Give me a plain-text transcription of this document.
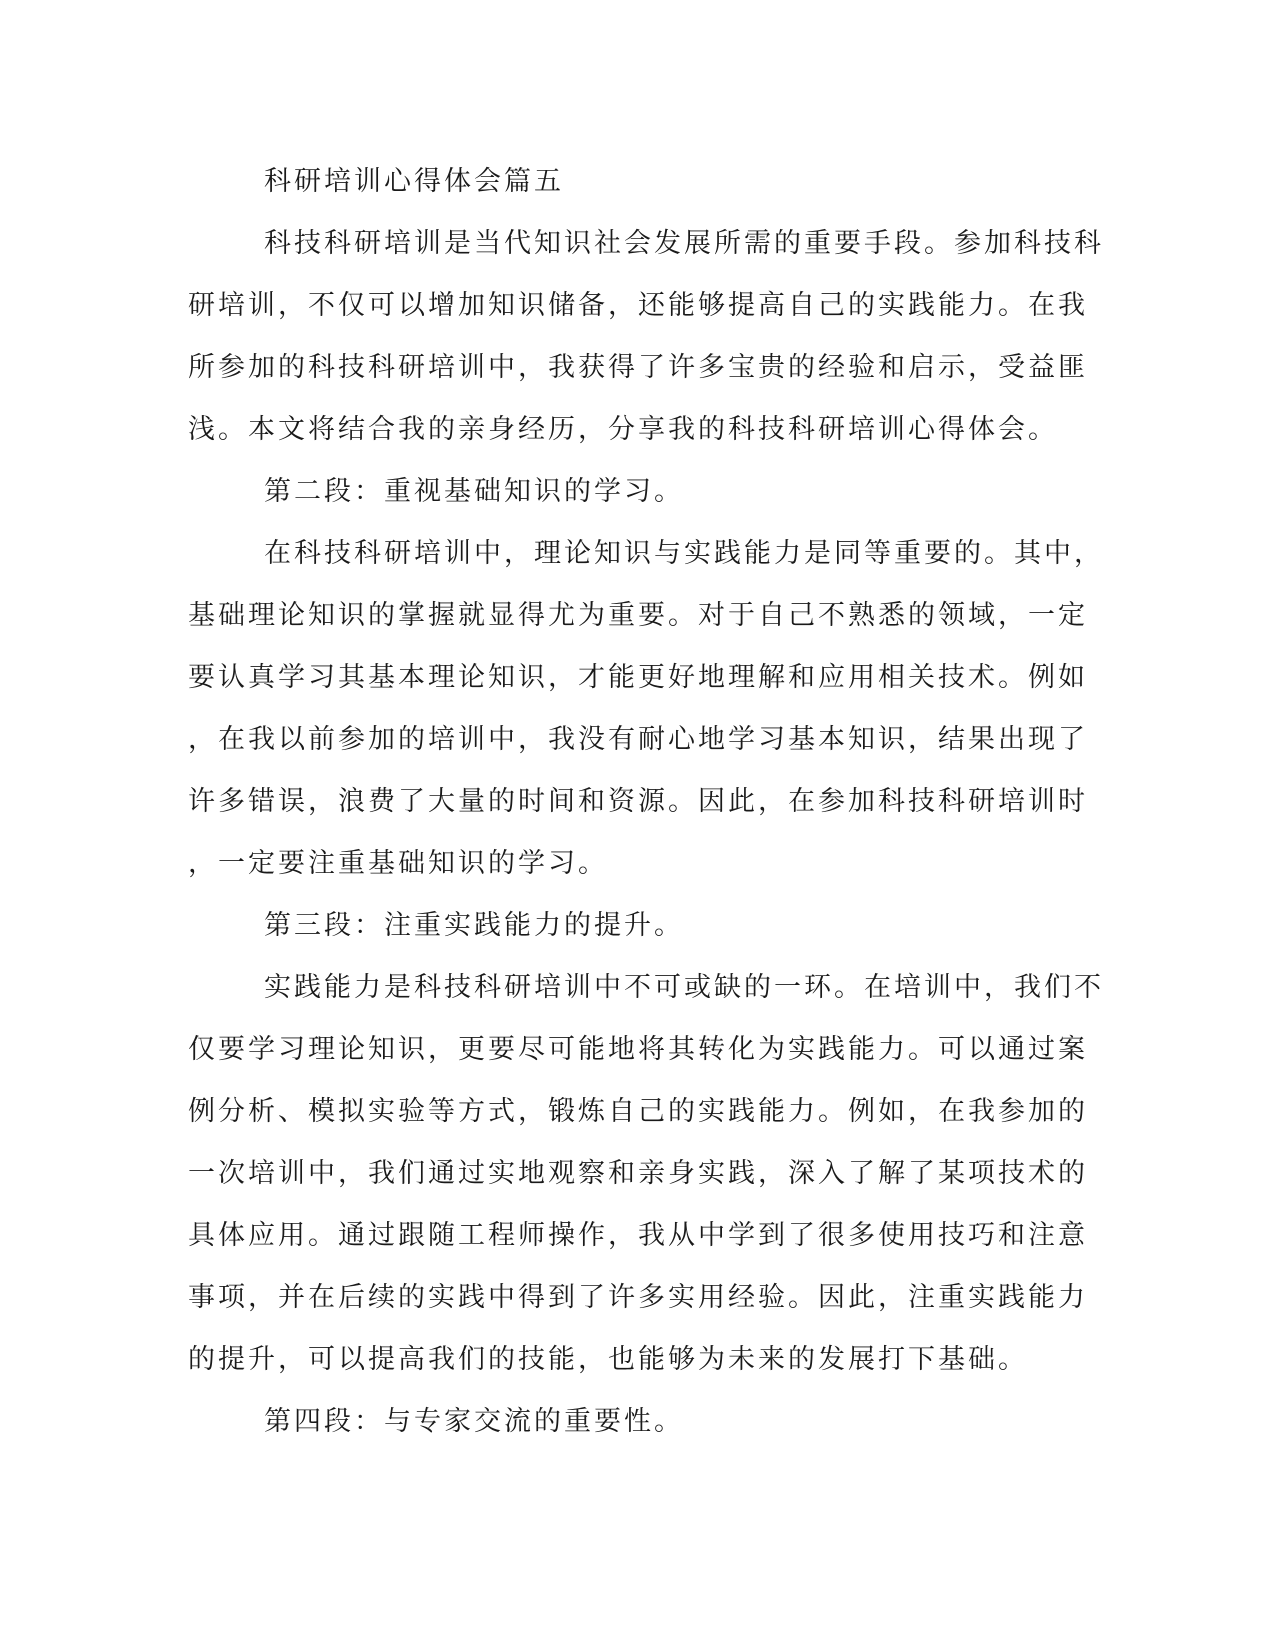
科研培训心得体会篇五
科技科研培训是当代知识社会发展所需的重要手段。参加科技科
研培训，不仅可以增加知识储备，还能够提高自己的实践能力。在我
所参加的科技科研培训中，我获得了许多宝贵的经验和启示，受益匪
浅。本文将结合我的亲身经历，分享我的科技科研培训心得体会。
第二段：重视基础知识的学习。
在科技科研培训中，理论知识与实践能力是同等重要的。其中，
基础理论知识的掌握就显得尤为重要。对于自己不熟悉的领域，一定
要认真学习其基本理论知识，才能更好地理解和应用相关技术。例如
，在我以前参加的培训中，我没有耐心地学习基本知识，结果出现了
许多错误，浪费了大量的时间和资源。因此，在参加科技科研培训时
，一定要注重基础知识的学习。
第三段：注重实践能力的提升。
实践能力是科技科研培训中不可或缺的一环。在培训中，我们不
仅要学习理论知识，更要尽可能地将其转化为实践能力。可以通过案
例分析、模拟实验等方式，锻炼自己的实践能力。例如，在我参加的
一次培训中，我们通过实地观察和亲身实践，深入了解了某项技术的
具体应用。通过跟随工程师操作，我从中学到了很多使用技巧和注意
事项，并在后续的实践中得到了许多实用经验。因此，注重实践能力
的提升，可以提高我们的技能，也能够为未来的发展打下基础。
第四段：与专家交流的重要性。
